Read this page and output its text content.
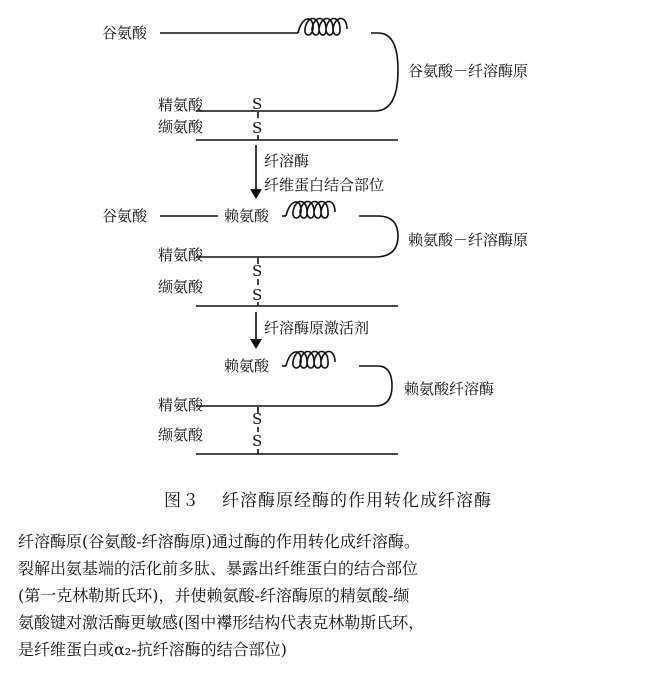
谷氨酸
谷氨酸－纤溶酶原
精氨酸	S
S
缬氨酸
纤溶酶
纤维蛋白结合部位
谷氨酸	赖氨酸
赖氨酸－纤溶酶原
精氨酸
S
S
缬氨酸
纤溶酶原激活剂
赖氨酸
赖氨酸纤溶酶
精氨酸
S
S
缬氨酸
图３ 纤溶酶原经酶的作用转化成纤溶酶

纤溶酶原(谷氨酸-纤溶酶原)通过酶的作用转化成纤溶酶。

裂解出氨基端的活化前多肽、暴露出纤维蛋白的结合部位

(第一克林勒斯氏环)，并使赖氨酸-纤溶酶原的精氨酸-缬

氨酸键对激活酶更敏感(图中襻形结构代表克林勒斯氏环，

是纤维蛋白或α₂-抗纤溶酶的结合部位)
